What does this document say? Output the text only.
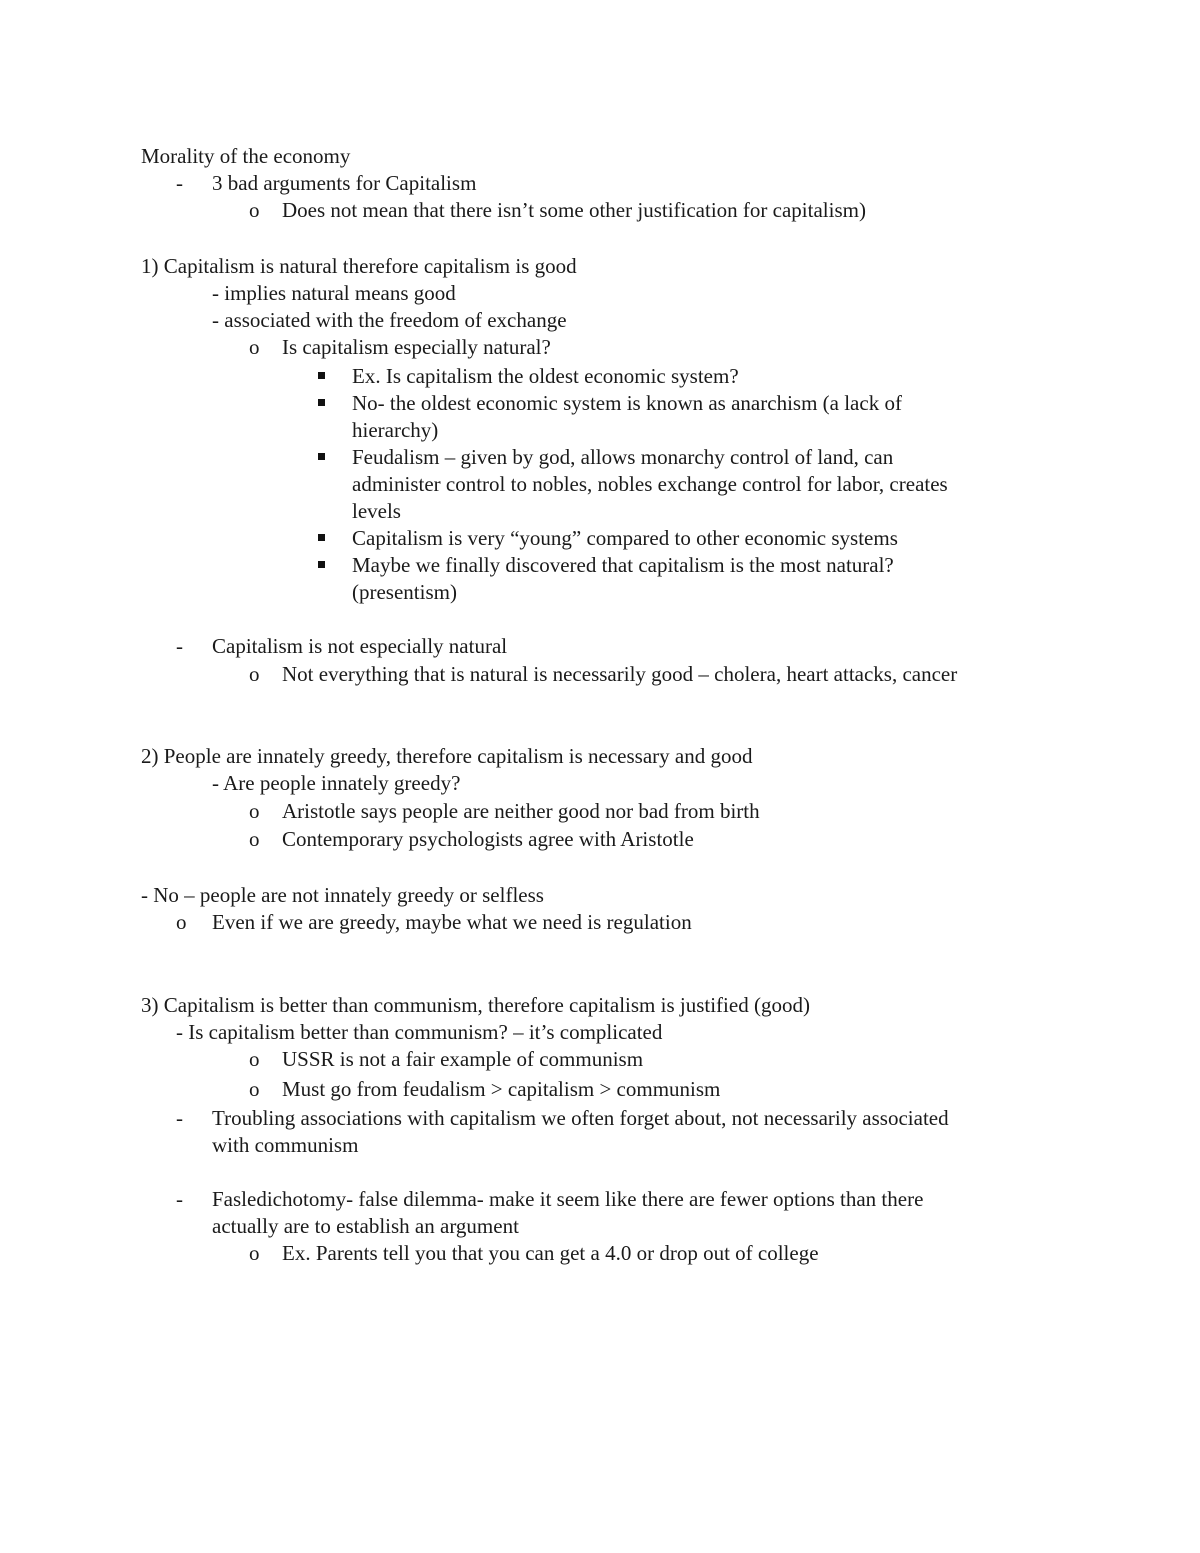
Morality of the economy
- 3 bad arguments for Capitalism
o Does not mean that there isn’t some other justification for capitalism)
1) Capitalism is natural therefore capitalism is good
- implies natural means good
- associated with the freedom of exchange
o Is capitalism especially natural?
Ex. Is capitalism the oldest economic system?
No- the oldest economic system is known as anarchism (a lack of
hierarchy)
Feudalism – given by god, allows monarchy control of land, can
administer control to nobles, nobles exchange control for labor, creates
levels
Capitalism is very “young” compared to other economic systems
Maybe we finally discovered that capitalism is the most natural?
(presentism)
- Capitalism is not especially natural
o Not everything that is natural is necessarily good – cholera, heart attacks, cancer
2) People are innately greedy, therefore capitalism is necessary and good
- Are people innately greedy?
o Aristotle says people are neither good nor bad from birth
o Contemporary psychologists agree with Aristotle
- No – people are not innately greedy or selfless
o Even if we are greedy, maybe what we need is regulation
3) Capitalism is better than communism, therefore capitalism is justified (good)
- Is capitalism better than communism? – it’s complicated
o USSR is not a fair example of communism
o Must go from feudalism > capitalism > communism
- Troubling associations with capitalism we often forget about, not necessarily associated
with communism
- Fasledichotomy- false dilemma- make it seem like there are fewer options than there
actually are to establish an argument
o Ex. Parents tell you that you can get a 4.0 or drop out of college
